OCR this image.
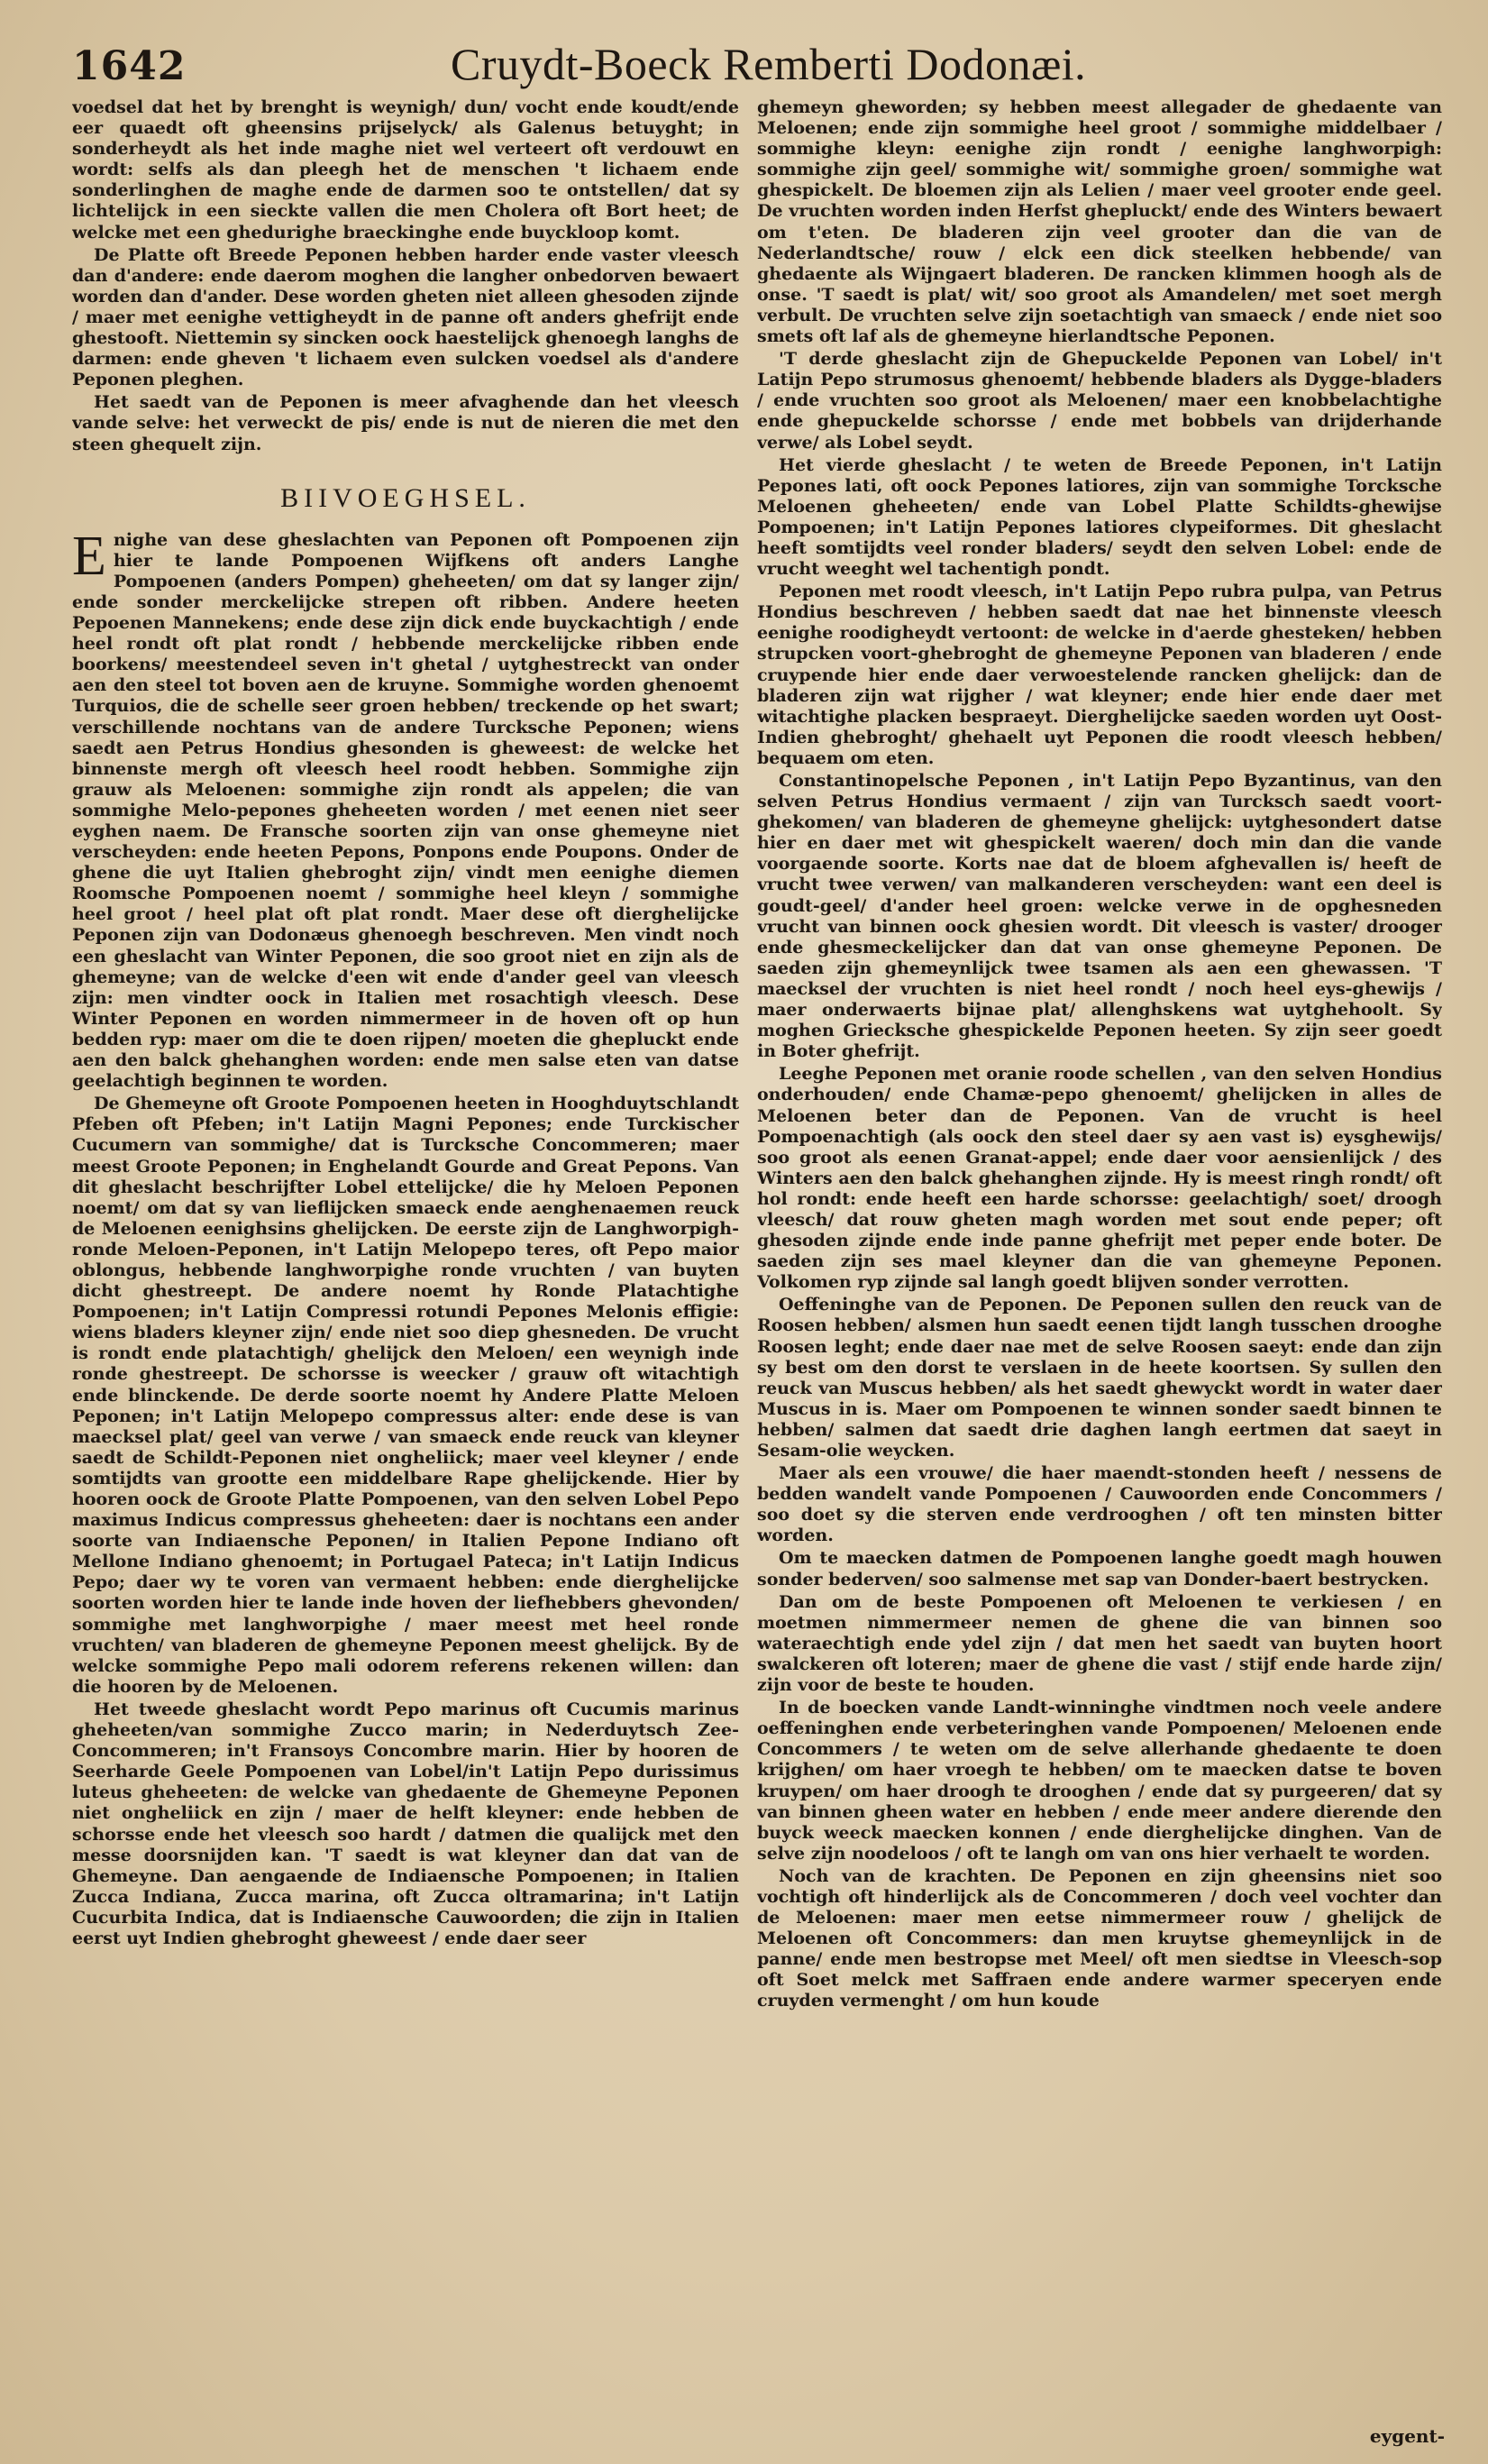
1642	Cruydt-Boeck Remberti Dodonæi.

voedsel dat het by brenght is weynigh/ dun/ vocht ende koudt/ende eer quaedt oft gheensins prijselyck/ als Galenus betuyght; in sonderheydt als het inde maghe niet wel verteert oft verdouwt en wordt: selfs als dan pleegh het de menschen 't lichaem ende sonderlinghen de maghe ende de darmen soo te ontstellen/ dat sy lichtelijck in een sieckte vallen die men Cholera oft Bort heet; de welcke met een ghedurighe braeckinghe ende buyckloop komt.

De Platte oft Breede Peponen hebben harder ende vaster vleesch dan d'andere: ende daerom moghen die langher onbedorven bewaert worden dan d'ander. Dese worden gheten niet alleen ghesoden zijnde / maer met eenighe vettigheydt in de panne oft anders ghefrijt ende ghestooft. Niettemin sy sincken oock haestelijck ghenoegh langhs de darmen: ende gheven 't lichaem even sulcken voedsel als d'andere Peponen pleghen.

Het saedt van de Peponen is meer afvaghende dan het vleesch vande selve: het verweckt de pis/ ende is nut de nieren die met den steen ghequelt zijn.

BIIVOEGHSEL.

Enighe van dese gheslachten van Peponen oft Pompoenen zijn hier te lande Pompoenen Wijfkens oft anders Langhe Pompoenen (anders Pompen) gheheeten/ om dat sy langer zijn/ ende sonder merckelijcke strepen oft ribben. Andere heeten Pepoenen Mannekens; ende dese zijn dick ende buyckachtigh / ende heel rondt oft plat rondt / hebbende merckelijcke ribben ende boorkens/ meestendeel seven in't ghetal / uytghestreckt van onder aen den steel tot boven aen de kruyne. Sommighe worden ghenoemt Turquios, die de schelle seer groen hebben/ treckende op het swart; verschillende nochtans van de andere Turcksche Peponen; wiens saedt aen Petrus Hondius ghesonden is gheweest: de welcke het binnenste mergh oft vleesch heel roodt hebben. Sommighe zijn grauw als Meloenen: sommighe zijn rondt als appelen; die van sommighe Melo-pepones gheheeten worden / met eenen niet seer eyghen naem. De Fransche soorten zijn van onse ghemeyne niet verscheyden: ende heeten Pepons, Ponpons ende Poupons. Onder de ghene die uyt Italien ghebroght zijn/ vindt men eenighe diemen Roomsche Pompoenen noemt / sommighe heel kleyn / sommighe heel groot / heel plat oft plat rondt. Maer dese oft dierghelijcke Peponen zijn van Dodonæus ghenoegh beschreven. Men vindt noch een gheslacht van Winter Peponen, die soo groot niet en zijn als de ghemeyne; van de welcke d'een wit ende d'ander geel van vleesch zijn: men vindter oock in Italien met rosachtigh vleesch. Dese Winter Peponen en worden nimmermeer in de hoven oft op hun bedden ryp: maer om die te doen rijpen/ moeten die ghepluckt ende aen den balck ghehanghen worden: ende men salse eten van datse geelachtigh beginnen te worden.

De Ghemeyne oft Groote Pompoenen heeten in Hooghduytschlandt Pfeben oft Pfeben; in't Latijn Magni Pepones; ende Turckischer Cucumern van sommighe/ dat is Turcksche Concommeren; maer meest Groote Peponen; in Enghelandt Gourde and Great Pepons. Van dit gheslacht beschrijfter Lobel ettelijcke/ die hy Meloen Peponen noemt/ om dat sy van lieflijcken smaeck ende aenghenaemen reuck de Meloenen eenighsins ghelijcken. De eerste zijn de Langhworpigh-ronde Meloen-Peponen, in't Latijn Melopepo teres, oft Pepo maior oblongus, hebbende langhworpighe ronde vruchten / van buyten dicht ghestreept. De andere noemt hy Ronde Platachtighe Pompoenen; in't Latijn Compressi rotundi Pepones Melonis effigie: wiens bladers kleyner zijn/ ende niet soo diep ghesneden. De vrucht is rondt ende platachtigh/ ghelijck den Meloen/ een weynigh inde ronde ghestreept. De schorsse is weecker / grauw oft witachtigh ende blinckende. De derde soorte noemt hy Andere Platte Meloen Peponen; in't Latijn Melopepo compressus alter: ende dese is van maecksel plat/ geel van verwe / van smaeck ende reuck van kleyner saedt de Schildt-Peponen niet ongheliick; maer veel kleyner / ende somtijdts van grootte een middelbare Rape ghelijckende. Hier by hooren oock de Groote Platte Pompoenen, van den selven Lobel Pepo maximus Indicus compressus gheheeten: daer is nochtans een ander soorte van Indiaensche Peponen/ in Italien Pepone Indiano oft Mellone Indiano ghenoemt; in Portugael Pateca; in't Latijn Indicus Pepo; daer wy te voren van vermaent hebben: ende dierghelijcke soorten worden hier te lande inde hoven der liefhebbers ghevonden/ sommighe met langhworpighe / maer meest met heel ronde vruchten/ van bladeren de ghemeyne Peponen meest ghelijck. By de welcke sommighe Pepo mali odorem referens rekenen willen: dan die hooren by de Meloenen.

Het tweede gheslacht wordt Pepo marinus oft Cucumis marinus gheheeten/van sommighe Zucco marin; in Nederduytsch Zee-Concommeren; in't Fransoys Concombre marin. Hier by hooren de Seerharde Geele Pompoenen van Lobel/in't Latijn Pepo durissimus luteus gheheeten: de welcke van ghedaente de Ghemeyne Peponen niet ongheliick en zijn / maer de helft kleyner: ende hebben de schorsse ende het vleesch soo hardt / datmen die qualijck met den messe doorsnijden kan. 'T saedt is wat kleyner dan dat van de Ghemeyne. Dan aengaende de Indiaensche Pompoenen; in Italien Zucca Indiana, Zucca marina, oft Zucca oltramarina; in't Latijn Cucurbita Indica, dat is Indiaensche Cauwoorden; die zijn in Italien eerst uyt Indien ghebroght gheweest / ende daer seer

ghemeyn gheworden; sy hebben meest allegader de ghedaente van Meloenen; ende zijn sommighe heel groot / sommighe middelbaer / sommighe kleyn: eenighe zijn rondt / eenighe langhworpigh: sommighe zijn geel/ sommighe wit/ sommighe groen/ sommighe wat ghespickelt. De bloemen zijn als Lelien / maer veel grooter ende geel. De vruchten worden inden Herfst ghepluckt/ ende des Winters bewaert om t'eten. De bladeren zijn veel grooter dan die van de Nederlandtsche/ rouw / elck een dick steelken hebbende/ van ghedaente als Wijngaert bladeren. De rancken klimmen hoogh als de onse. 'T saedt is plat/ wit/ soo groot als Amandelen/ met soet mergh verbult. De vruchten selve zijn soetachtigh van smaeck / ende niet soo smets oft laf als de ghemeyne hierlandtsche Peponen.

'T derde gheslacht zijn de Ghepuckelde Peponen van Lobel/ in't Latijn Pepo strumosus ghenoemt/ hebbende bladers als Dygge-bladers / ende vruchten soo groot als Meloenen/ maer een knobbelachtighe ende ghepuckelde schorsse / ende met bobbels van drijderhande verwe/ als Lobel seydt.

Het vierde gheslacht / te weten de Breede Peponen, in't Latijn Pepones lati, oft oock Pepones latiores, zijn van sommighe Torcksche Meloenen gheheeten/ ende van Lobel Platte Schildts-ghewijse Pompoenen; in't Latijn Pepones latiores clypeiformes. Dit gheslacht heeft somtijdts veel ronder bladers/ seydt den selven Lobel: ende de vrucht weeght wel tachentigh pondt.

Peponen met roodt vleesch, in't Latijn Pepo rubra pulpa, van Petrus Hondius beschreven / hebben saedt dat nae het binnenste vleesch eenighe roodigheydt vertoont: de welcke in d'aerde ghesteken/ hebben strupcken voort-ghebroght de ghemeyne Peponen van bladeren / ende cruypende hier ende daer verwoestelende rancken ghelijck: dan de bladeren zijn wat rijgher / wat kleyner; ende hier ende daer met witachtighe placken bespraeyt. Dierghelijcke saeden worden uyt Oost-Indien ghebroght/ ghehaelt uyt Peponen die roodt vleesch hebben/ bequaem om eten.

Constantinopelsche Peponen , in't Latijn Pepo Byzantinus, van den selven Petrus Hondius vermaent / zijn van Turcksch saedt voort-ghekomen/ van bladeren de ghemeyne ghelijck: uytghesondert datse hier en daer met wit ghespickelt waeren/ doch min dan die vande voorgaende soorte. Korts nae dat de bloem afghevallen is/ heeft de vrucht twee verwen/ van malkanderen verscheyden: want een deel is goudt-geel/ d'ander heel groen: welcke verwe in de opghesneden vrucht van binnen oock ghesien wordt. Dit vleesch is vaster/ drooger ende ghesmeckelijcker dan dat van onse ghemeyne Peponen. De saeden zijn ghemeynlijck twee tsamen als aen een ghewassen. 'T maecksel der vruchten is niet heel rondt / noch heel eys-ghewijs / maer onderwaerts bijnae plat/ allenghskens wat uytghehoolt. Sy moghen Griecksche ghespickelde Peponen heeten. Sy zijn seer goedt in Boter ghefrijt.

Leeghe Peponen met oranie roode schellen , van den selven Hondius onderhouden/ ende Chamæ-pepo ghenoemt/ ghelijcken in alles de Meloenen beter dan de Peponen. Van de vrucht is heel Pompoenachtigh (als oock den steel daer sy aen vast is) eysghewijs/ soo groot als eenen Granat-appel; ende daer voor aensienlijck / des Winters aen den balck ghehanghen zijnde. Hy is meest ringh rondt/ oft hol rondt: ende heeft een harde schorsse: geelachtigh/ soet/ droogh vleesch/ dat rouw gheten magh worden met sout ende peper; oft ghesoden zijnde ende inde panne ghefrijt met peper ende boter. De saeden zijn ses mael kleyner dan die van ghemeyne Peponen. Volkomen ryp zijnde sal langh goedt blijven sonder verrotten.

Oeffeninghe van de Peponen. De Peponen sullen den reuck van de Roosen hebben/ alsmen hun saedt eenen tijdt langh tusschen drooghe Roosen leght; ende daer nae met de selve Roosen saeyt: ende dan zijn sy best om den dorst te verslaen in de heete koortsen. Sy sullen den reuck van Muscus hebben/ als het saedt ghewyckt wordt in water daer Muscus in is. Maer om Pompoenen te winnen sonder saedt binnen te hebben/ salmen dat saedt drie daghen langh eertmen dat saeyt in Sesam-olie weycken.

Maer als een vrouwe/ die haer maendt-stonden heeft / nessens de bedden wandelt vande Pompoenen / Cauwoorden ende Concommers / soo doet sy die sterven ende verdrooghen / oft ten minsten bitter worden.

Om te maecken datmen de Pompoenen langhe goedt magh houwen sonder bederven/ soo salmense met sap van Donder-baert bestrycken.

Dan om de beste Pompoenen oft Meloenen te verkiesen / en moetmen nimmermeer nemen de ghene die van binnen soo wateraechtigh ende ydel zijn / dat men het saedt van buyten hoort swalckeren oft loteren; maer de ghene die vast / stijf ende harde zijn/ zijn voor de beste te houden.

In de boecken vande Landt-winninghe vindtmen noch veele andere oeffeninghen ende verbeteringhen vande Pompoenen/ Meloenen ende Concommers / te weten om de selve allerhande ghedaente te doen krijghen/ om haer vroegh te hebben/ om te maecken datse te boven kruypen/ om haer droogh te drooghen / ende dat sy purgeeren/ dat sy van binnen gheen water en hebben / ende meer andere dierende den buyck weeck maecken konnen / ende dierghelijcke dinghen. Van de selve zijn noodeloos / oft te langh om van ons hier verhaelt te worden.

Noch van de krachten. De Peponen en zijn gheensins niet soo vochtigh oft hinderlijck als de Concommeren / doch veel vochter dan de Meloenen: maer men eetse nimmermeer rouw / ghelijck de Meloenen oft Concommers: dan men kruytse ghemeynlijck in de panne/ ende men bestropse met Meel/ oft men siedtse in Vleesch-sop oft Soet melck met Saffraen ende andere warmer speceryen ende cruyden vermenght / om hun koude

eygent-
